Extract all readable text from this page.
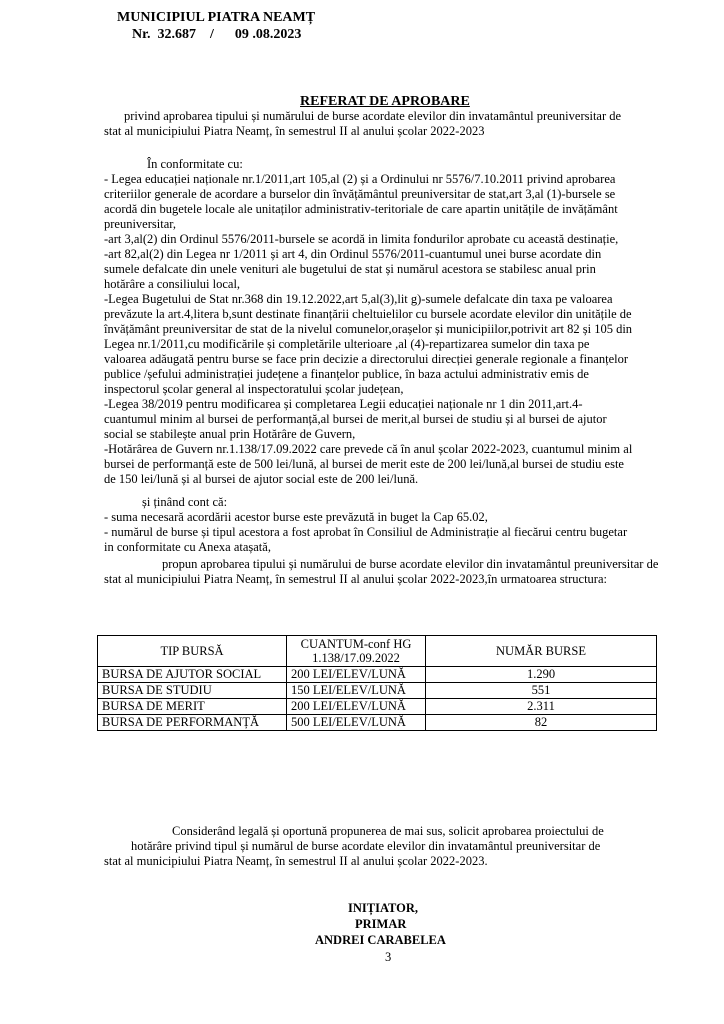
MUNICIPIUL PIATRA NEAMȚ
Nr.  32.687    /      09 .08.2023
REFERAT DE APROBARE
privind aprobarea tipului și numărului de burse acordate elevilor din invatamântul preuniversitar de
stat al municipiului Piatra Neamț, în semestrul II al anului școlar 2022-2023
În conformitate cu:
- Legea educației naționale nr.1/2011,art 105,al (2) și a Ordinului nr 5576/7.10.2011 privind aprobarea
criteriilor generale de acordare a burselor din învățământul preuniversitar de stat,art 3,al (1)-bursele se
acordă din bugetele locale ale unitaților administrativ-teritoriale de care apartin unitățile de invățământ
preuniversitar,
-art 3,al(2) din Ordinul 5576/2011-bursele se acordă in limita fondurilor aprobate cu această destinație,
-art 82,al(2) din Legea nr 1/2011 și art 4, din Ordinul 5576/2011-cuantumul unei burse acordate din
sumele defalcate din unele venituri ale bugetului de stat și numărul acestora se stabilesc anual prin
hotărâre a consiliului local,
-Legea Bugetului de Stat nr.368 din 19.12.2022,art 5,al(3),lit g)-sumele defalcate din taxa pe valoarea
prevăzute la art.4,litera b,sunt destinate finanțării cheltuielilor cu bursele acordate elevilor din unitățile de
învățământ preuniversitar de stat de la nivelul comunelor,orașelor și municipiilor,potrivit art 82 și 105 din
Legea nr.1/2011,cu modificările și completările ulterioare ,al (4)-repartizarea sumelor din taxa pe
valoarea adăugată pentru burse se face prin decizie a directorului direcției generale regionale a finanțelor
publice /șefului administrației județene a finanțelor publice, în baza actului administrativ emis de
inspectorul școlar general al inspectoratului școlar județean,
-Legea 38/2019 pentru modificarea și completarea Legii educației naționale nr 1 din 2011,art.4-
cuantumul minim al bursei de performanță,al bursei de merit,al bursei de studiu și al bursei de ajutor
social se stabilește anual prin Hotărâre de Guvern,
-Hotărârea de Guvern nr.1.138/17.09.2022 care prevede că în anul școlar 2022-2023, cuantumul minim al
bursei de performanță este de 500 lei/lună, al bursei de merit este de 200 lei/lună,al bursei de studiu este
de 150 lei/lună și al bursei de ajutor social este de 200 lei/lună.
și ținând cont că:
- suma necesară acordării acestor burse este prevăzută in buget la Cap 65.02,
- numărul de burse și tipul acestora a fost aprobat în Consiliul de Administrație al fiecărui centru bugetar
in conformitate cu Anexa atașată,
propun aprobarea tipului și numărului de burse acordate elevilor din invatamântul preuniversitar de
stat al municipiului Piatra Neamț, în semestrul II al anului școlar 2022-2023,în urmatoarea structura:
TIP BURSĂ	CUANTUM-conf HG 1.138/17.09.2022	NUMĂR BURSE
BURSA DE AJUTOR SOCIAL	200 LEI/ELEV/LUNĂ	1.290
BURSA DE STUDIU	150 LEI/ELEV/LUNĂ	551
BURSA DE MERIT	200 LEI/ELEV/LUNĂ	2.311
BURSA DE PERFORMANȚĂ	500 LEI/ELEV/LUNĂ	82
Considerând legală și oportună propunerea de mai sus, solicit aprobarea proiectului de
hotărâre privind tipul și numărul de burse acordate elevilor din invatamântul preuniversitar de
stat al municipiului Piatra Neamț, în semestrul II al anului școlar 2022-2023.
INIȚIATOR,
PRIMAR
ANDREI CARABELEA
3
